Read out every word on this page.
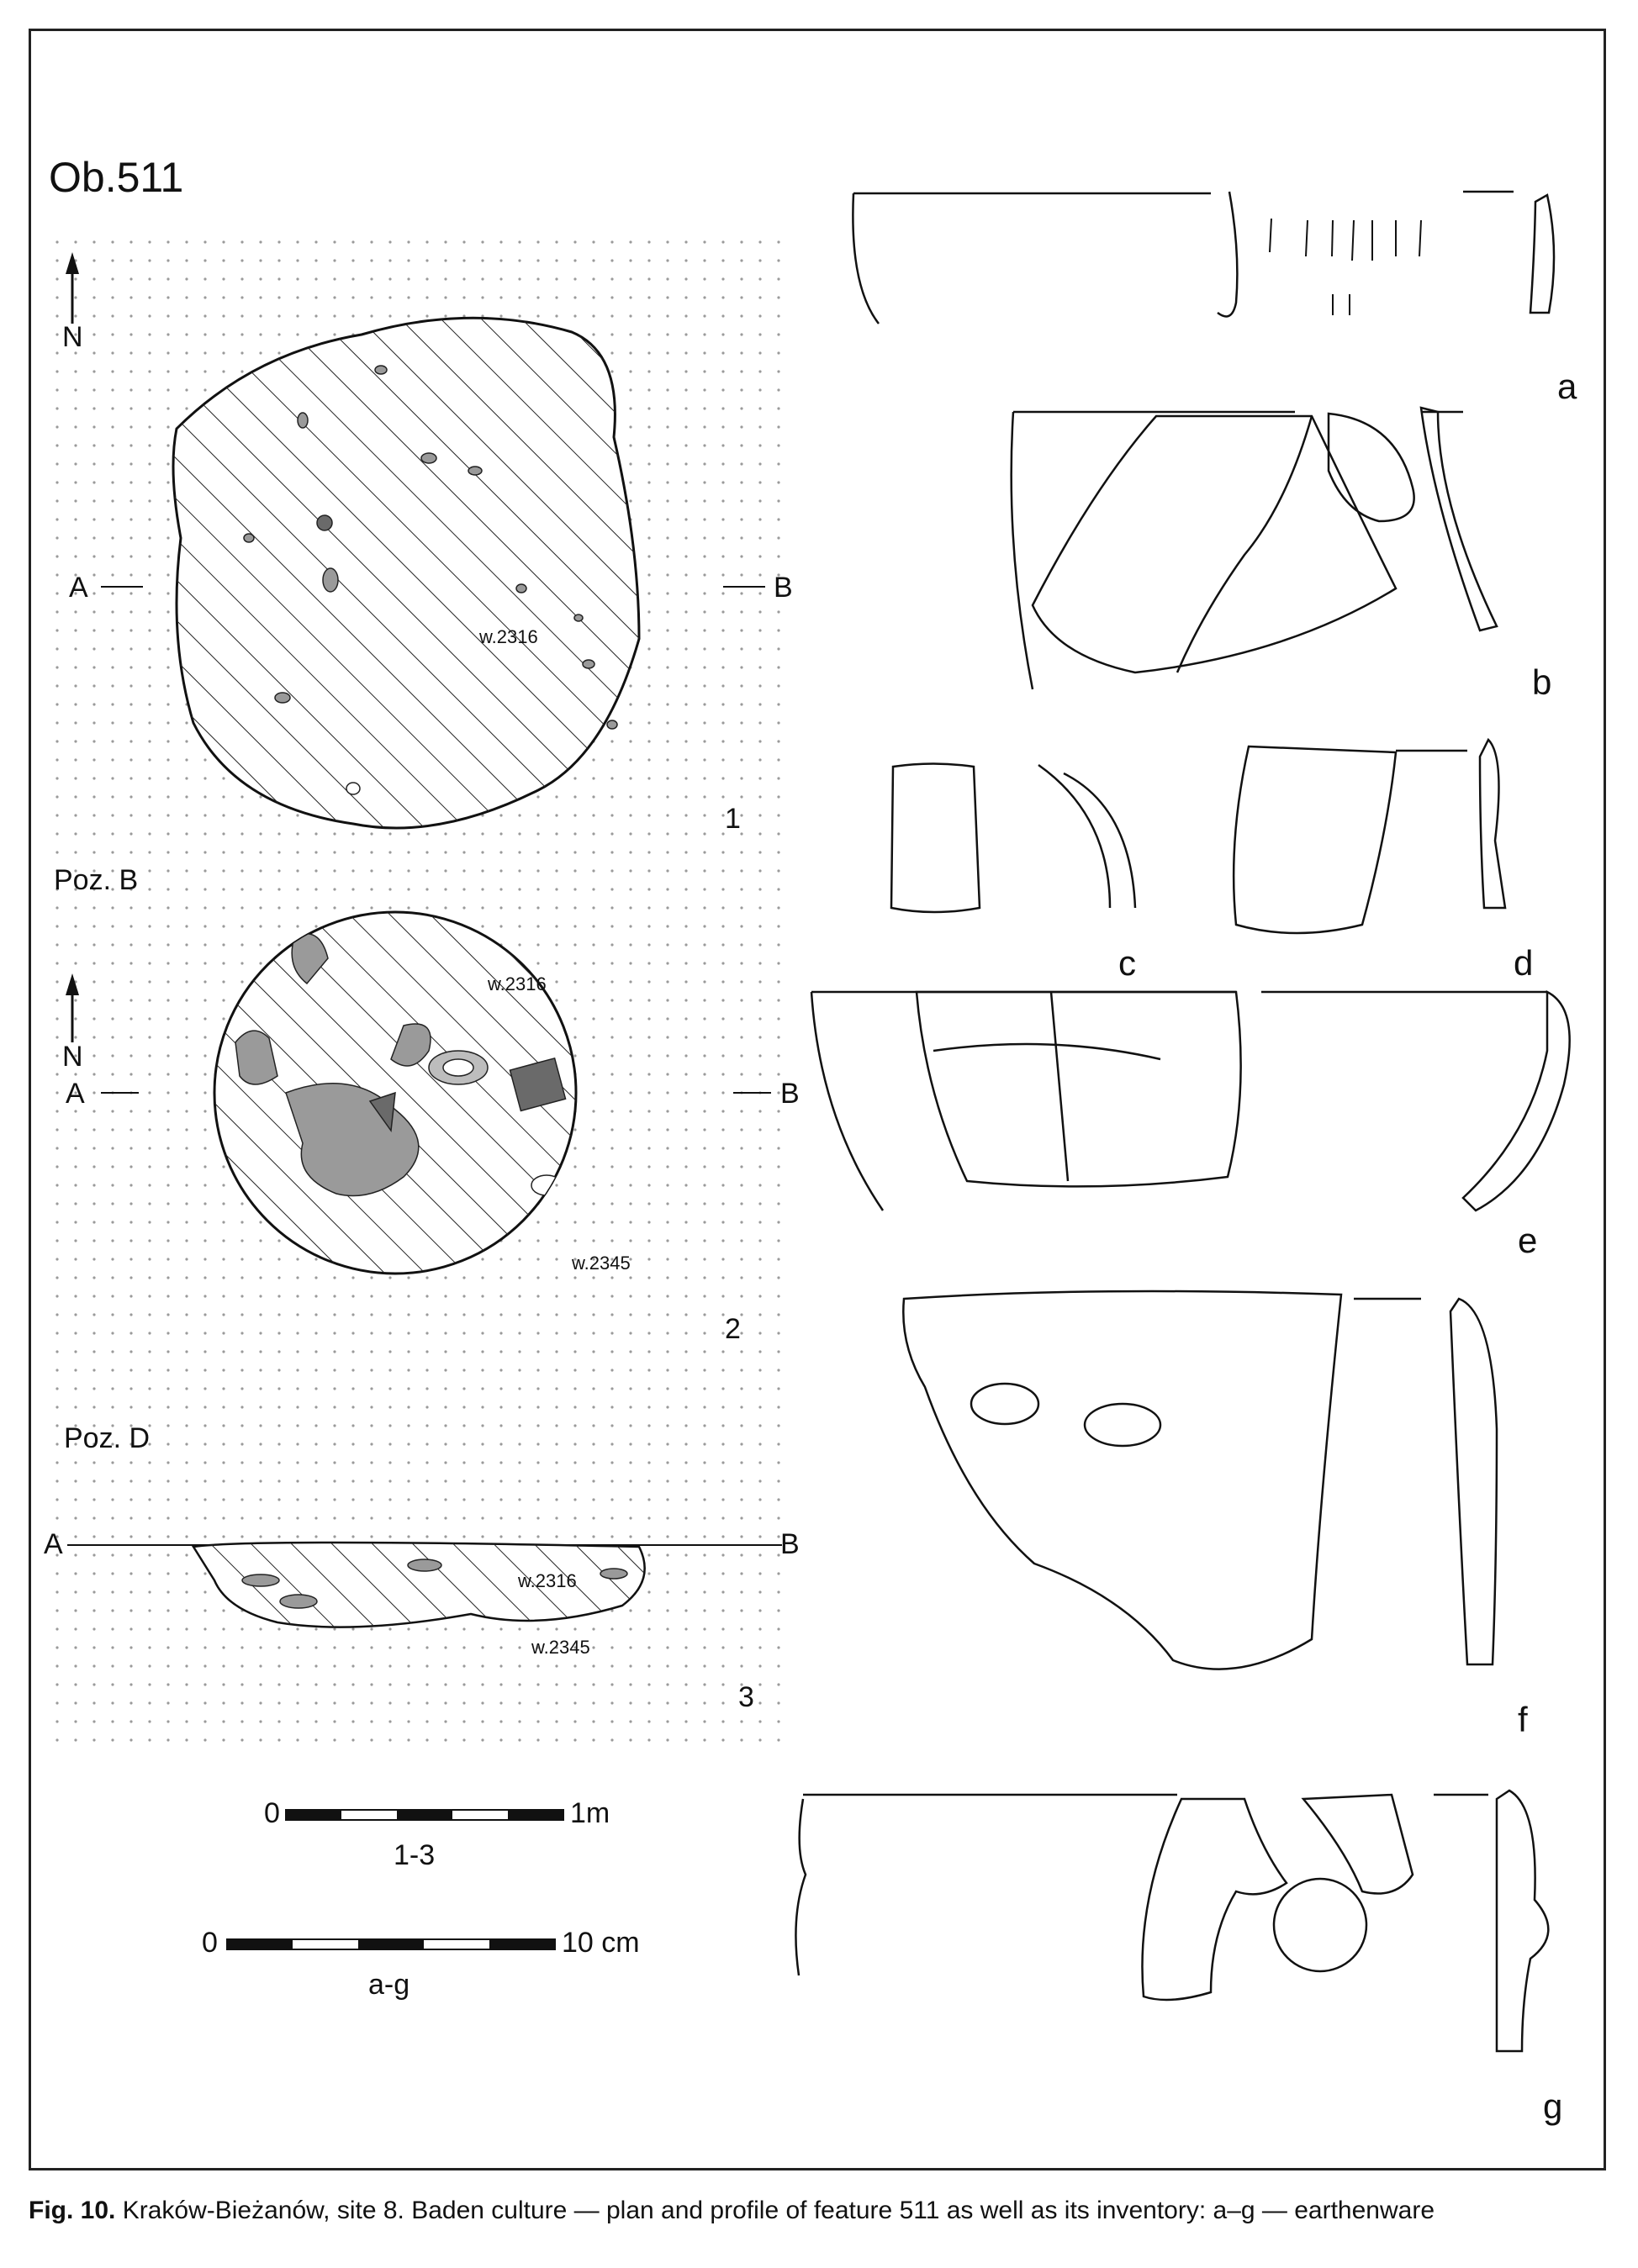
Ob.511
N
A	B
w.2316
1
Poz. B
N
A	B
w.2316
w.2345
2
Poz. D
A	B
w.2316
w.2345
3
0	1m
1-3
0	10 cm
a-g
a
b
c	d
e
f
g
Fig. 10. Kraków-Bieżanów, site 8. Baden culture — plan and profile of feature 511 as well as its inventory: a–g — earthenware
